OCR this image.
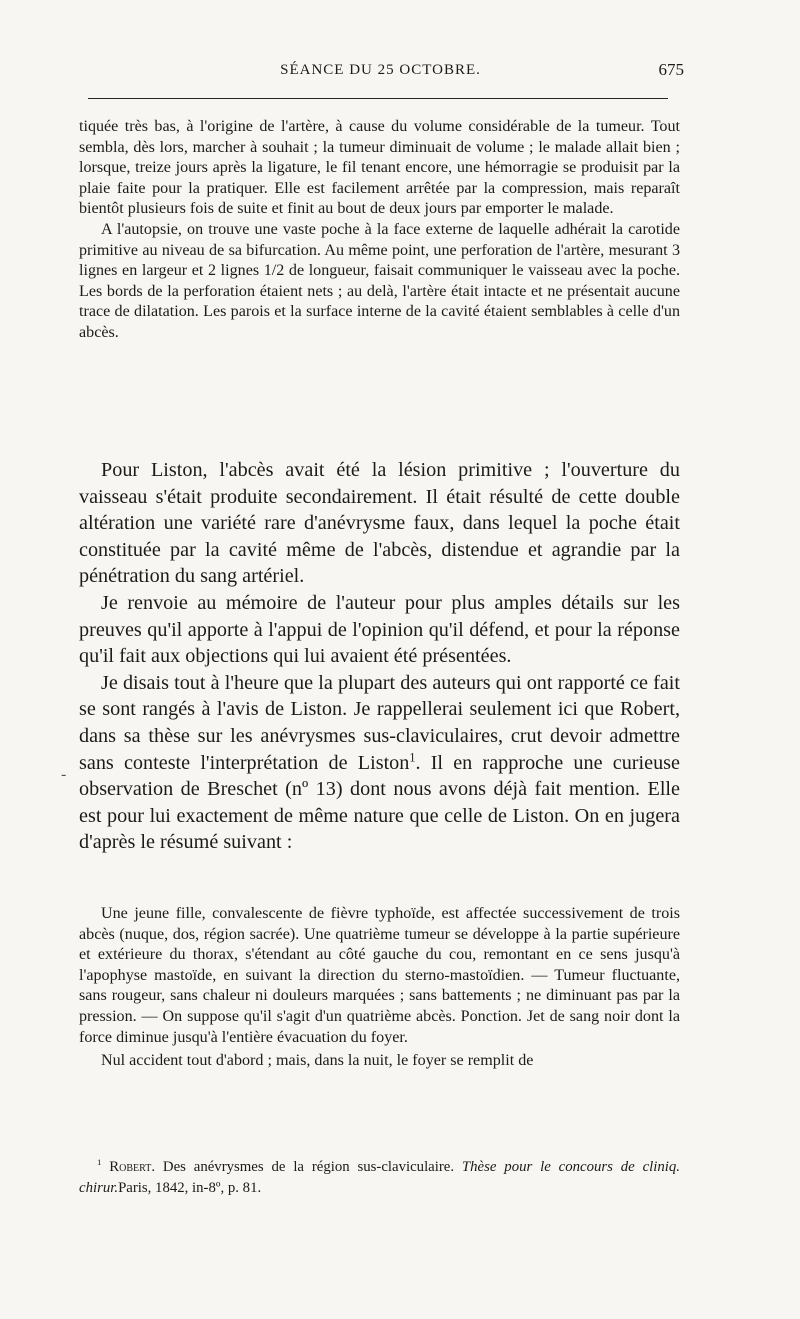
SÉANCE DU 25 OCTOBRE.	675

tiquée très bas, à l'origine de l'artère, à cause du volume considérable de la tumeur. Tout sembla, dès lors, marcher à souhait ; la tumeur diminuait de volume ; le malade allait bien ; lorsque, treize jours après la ligature, le fil tenant encore, une hémorragie se produisit par la plaie faite pour la pratiquer. Elle est facilement arrêtée par la compression, mais reparaît bientôt plusieurs fois de suite et finit au bout de deux jours par emporter le malade.

A l'autopsie, on trouve une vaste poche à la face externe de laquelle adhérait la carotide primitive au niveau de sa bifurcation. Au même point, une perforation de l'artère, mesurant 3 lignes en largeur et 2 lignes 1/2 de longueur, faisait communiquer le vaisseau avec la poche. Les bords de la perforation étaient nets ; au delà, l'artère était intacte et ne présentait aucune trace de dilatation. Les parois et la surface interne de la cavité étaient semblables à celle d'un abcès.

Pour Liston, l'abcès avait été la lésion primitive ; l'ouverture du vaisseau s'était produite secondairement. Il était résulté de cette double altération une variété rare d'anévrysme faux, dans lequel la poche était constituée par la cavité même de l'abcès, distendue et agrandie par la pénétration du sang artériel.

Je renvoie au mémoire de l'auteur pour plus amples détails sur les preuves qu'il apporte à l'appui de l'opinion qu'il défend, et pour la réponse qu'il fait aux objections qui lui avaient été présentées.

Je disais tout à l'heure que la plupart des auteurs qui ont rapporté ce fait se sont rangés à l'avis de Liston. Je rappellerai seulement ici que Robert, dans sa thèse sur les anévrysmes sus-claviculaires, crut devoir admettre sans conteste l'interprétation de Liston$^1$. Il en rapproche une curieuse observation de Breschet (nº 13) dont nous avons déjà fait mention. Elle est pour lui exactement de même nature que celle de Liston. On en jugera d'après le résumé suivant :

-

Une jeune fille, convalescente de fièvre typhoïde, est affectée successivement de trois abcès (nuque, dos, région sacrée). Une quatrième tumeur se développe à la partie supérieure et extérieure du thorax, s'étendant au côté gauche du cou, remontant en ce sens jusqu'à l'apophyse mastoïde, en suivant la direction du sterno-mastoïdien. — Tumeur fluctuante, sans rougeur, sans chaleur ni douleurs marquées ; sans battements ; ne diminuant pas par la pression. — On suppose qu'il s'agit d'un quatrième abcès. Ponction. Jet de sang noir dont la force diminue jusqu'à l'entière évacuation du foyer.

Nul accident tout d'abord ; mais, dans la nuit, le foyer se remplit de

$^1$ Robert. Des anévrysmes de la région sus-claviculaire. Thèse pour le concours de cliniq. chirur.Paris, 1842, in-8º, p. 81.
